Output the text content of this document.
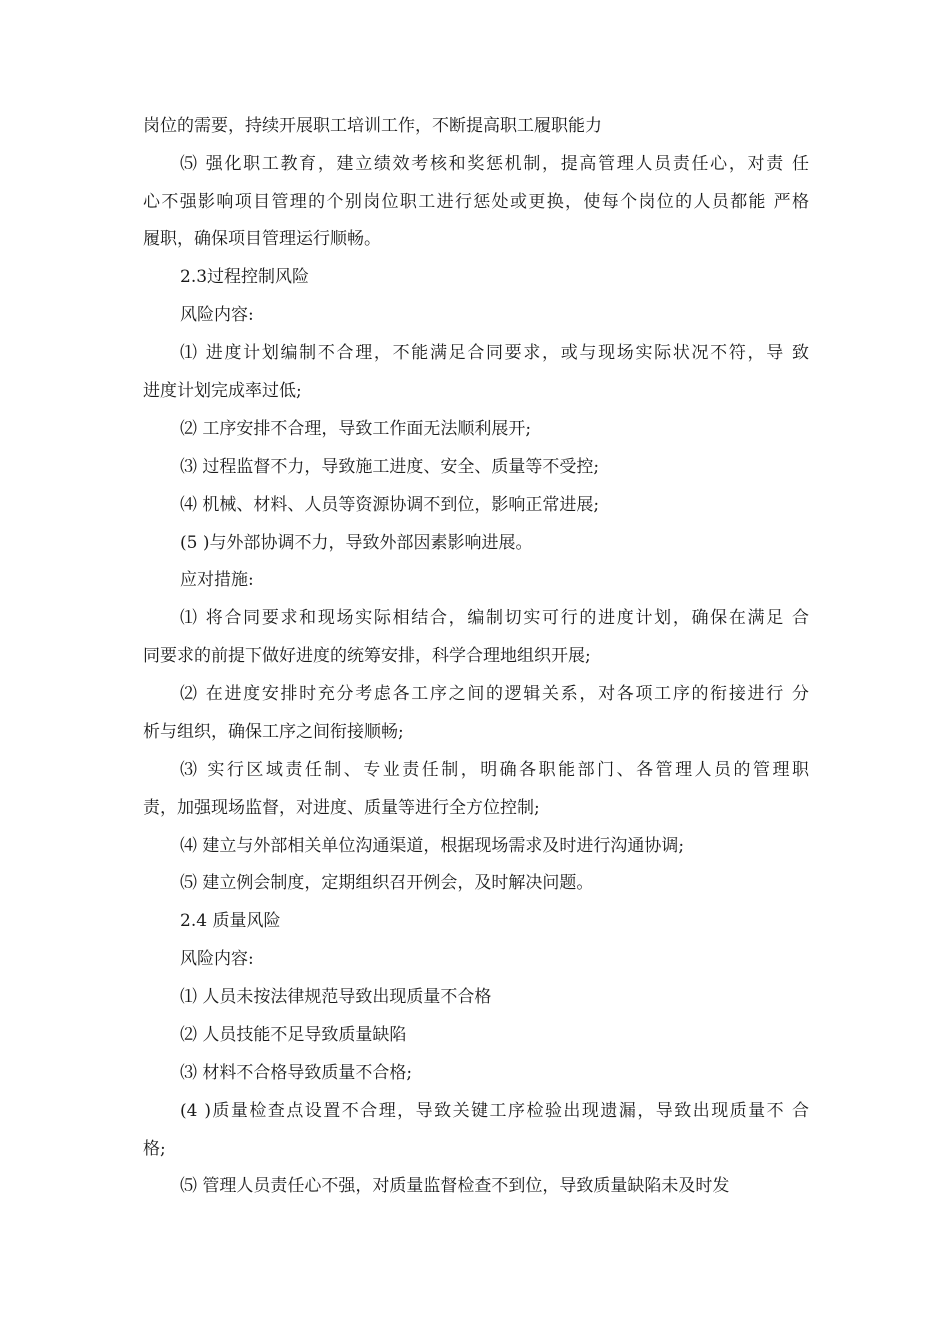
岗位的需要，持续开展职工培训工作，不断提高职工履职能力
⑸ 强化职工教育，建立绩效考核和奖惩机制，提高管理人员责任心，对责 任
心不强影响项目管理的个别岗位职工进行惩处或更换，使每个岗位的人员都能 严格
履职，确保项目管理运行顺畅。
2.3过程控制风险
风险内容:
⑴ 进度计划编制不合理，不能满足合同要求，或与现场实际状况不符，导 致
进度计划完成率过低;
⑵ 工序安排不合理，导致工作面无法顺利展开;
⑶ 过程监督不力，导致施工进度、安全、质量等不受控;
⑷ 机械、材料、人员等资源协调不到位，影响正常进展;
(5 )与外部协调不力，导致外部因素影响进展。
应对措施:
⑴ 将合同要求和现场实际相结合，编制切实可行的进度计划，确保在满足 合
同要求的前提下做好进度的统筹安排，科学合理地组织开展;
⑵ 在进度安排时充分考虑各工序之间的逻辑关系，对各项工序的衔接进行 分
析与组织，确保工序之间衔接顺畅;
⑶ 实行区域责任制、专业责任制，明确各职能部门、各管理人员的管理职
责，加强现场监督，对进度、质量等进行全方位控制;
⑷ 建立与外部相关单位沟通渠道，根据现场需求及时进行沟通协调;
⑸ 建立例会制度，定期组织召开例会，及时解决问题。
2.4 质量风险
风险内容:
⑴ 人员未按法律规范导致出现质量不合格
⑵ 人员技能不足导致质量缺陷
⑶ 材料不合格导致质量不合格;
(4 )质量检查点设置不合理，导致关键工序检验出现遗漏，导致出现质量不 合
格;
⑸ 管理人员责任心不强，对质量监督检查不到位，导致质量缺陷未及时发
